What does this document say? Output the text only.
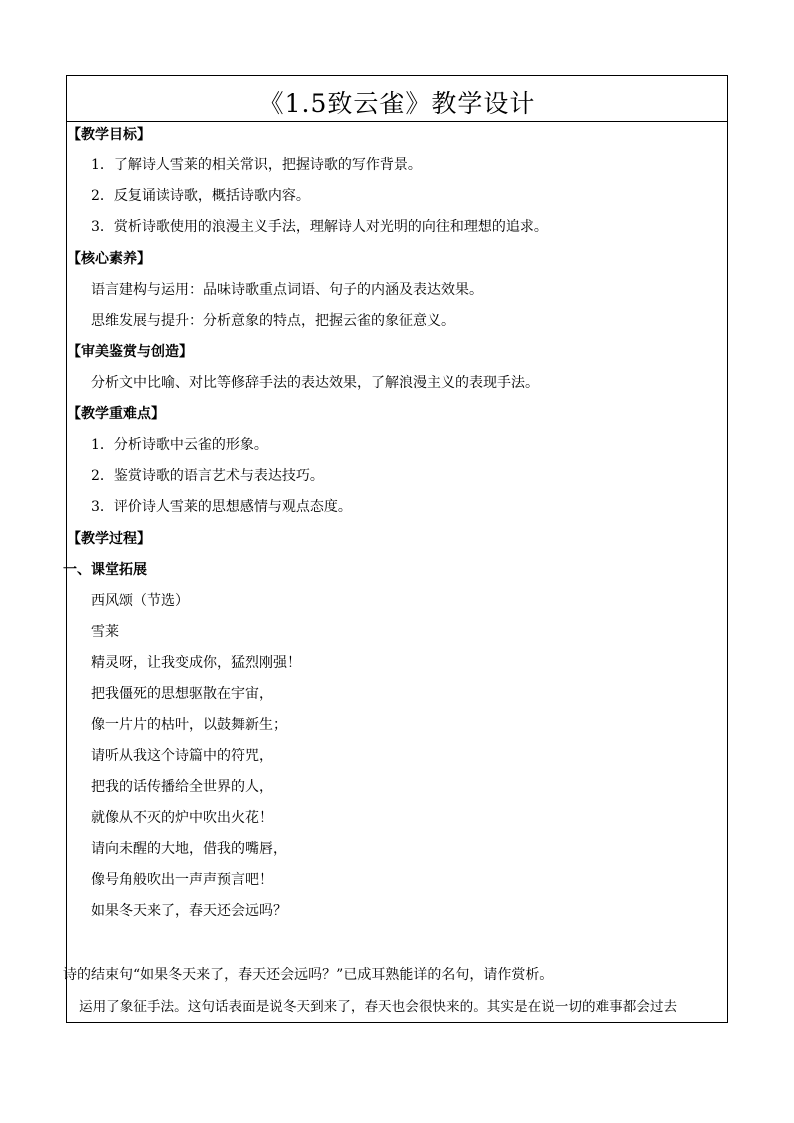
《1.5致云雀》教学设计
【教学目标】
1．了解诗人雪莱的相关常识，把握诗歌的写作背景。
2．反复诵读诗歌，概括诗歌内容。
3．赏析诗歌使用的浪漫主义手法，理解诗人对光明的向往和理想的追求。
【核心素养】
语言建构与运用：品味诗歌重点词语、句子的内涵及表达效果。
思维发展与提升：分析意象的特点，把握云雀的象征意义。
【审美鉴赏与创造】
分析文中比喻、对比等修辞手法的表达效果，了解浪漫主义的表现手法。
【教学重难点】
1．分析诗歌中云雀的形象。
2．鉴赏诗歌的语言艺术与表达技巧。
3．评价诗人雪莱的思想感情与观点态度。
【教学过程】
一、课堂拓展
西风颂（节选）
雪莱
精灵呀，让我变成你，猛烈刚强！
把我僵死的思想驱散在宇宙，
像一片片的枯叶，以鼓舞新生；
请听从我这个诗篇中的符咒，
把我的话传播给全世界的人，
就像从不灭的炉中吹出火花！
请向未醒的大地，借我的嘴唇，
像号角般吹出一声声预言吧！
如果冬天来了，春天还会远吗？
诗的结束句“如果冬天来了，春天还会远吗？”已成耳熟能详的名句，请作赏析。
运用了象征手法。这句话表面是说冬天到来了，春天也会很快来的。其实是在说一切的难事都会过去
